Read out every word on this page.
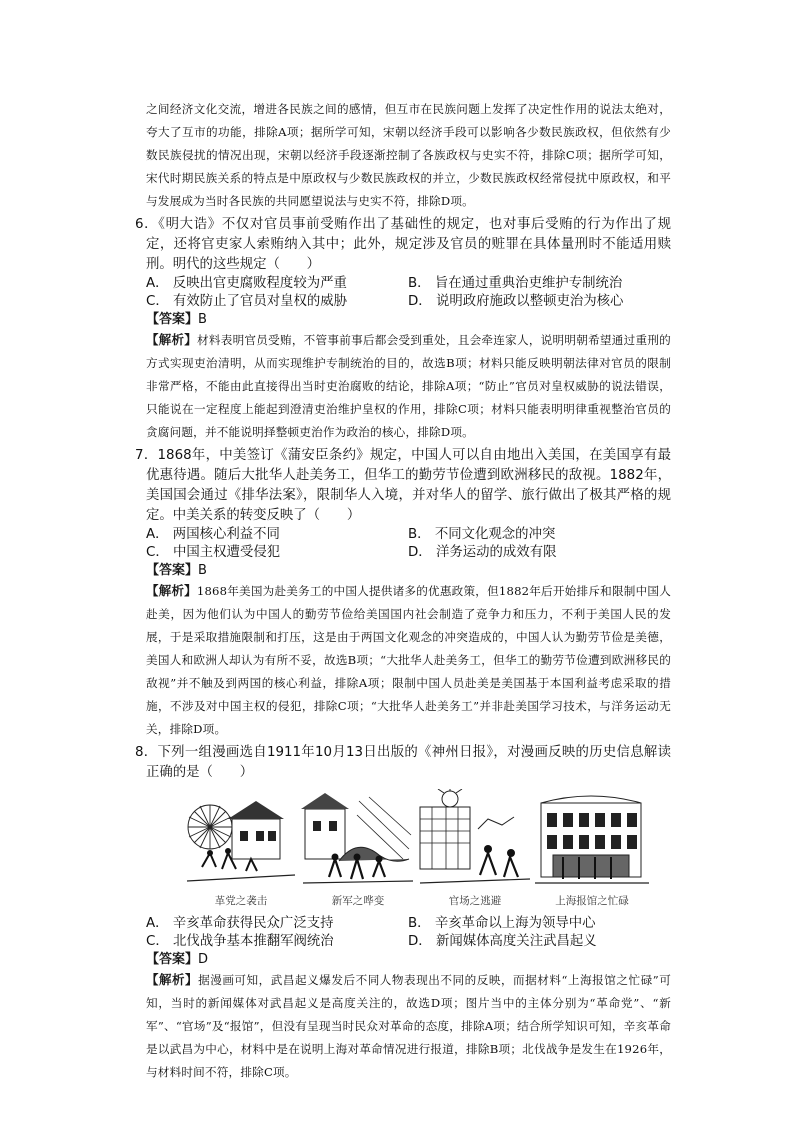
之间经济文化交流，增进各民族之间的感情，但互市在民族问题上发挥了决定性作用的说法太绝对，夸大了互市的功能，排除A项；据所学可知，宋朝以经济手段可以影响各少数民族政权，但依然有少数民族侵扰的情况出现，宋朝以经济手段逐渐控制了各族政权与史实不符，排除C项；据所学可知，宋代时期民族关系的特点是中原政权与少数民族政权的并立，少数民族政权经常侵扰中原政权，和平与发展成为当时各民族的共同愿望说法与史实不符，排除D项。
6．《明大诰》不仅对官员事前受贿作出了基础性的规定，也对事后受贿的行为作出了规定，还将官吏家人索贿纳入其中；此外，规定涉及官员的赃罪在具体量刑时不能适用赎刑。明代的这些规定（　　）
A． 反映出官吏腐败程度较为严重	B． 旨在通过重典治吏维护专制统治
C． 有效防止了官员对皇权的威胁	D． 说明政府施政以整顿吏治为核心
【答案】B
【解析】材料表明官员受贿，不管事前事后都会受到重处，且会牵连家人，说明明朝希望通过重刑的方式实现吏治清明，从而实现维护专制统治的目的，故选B项；材料只能反映明朝法律对官员的限制非常严格，不能由此直接得出当时吏治腐败的结论，排除A项；“防止”官员对皇权威胁的说法错误，只能说在一定程度上能起到澄清吏治维护皇权的作用，排除C项；材料只能表明明律重视整治官员的贪腐问题，并不能说明择整顿吏治作为政治的核心，排除D项。
7．1868年，中美签订《蒲安臣条约》规定，中国人可以自由地出入美国，在美国享有最优惠待遇。随后大批华人赴美务工，但华工的勤劳节俭遭到欧洲移民的敌视。1882年，美国国会通过《排华法案》，限制华人入境，并对华人的留学、旅行做出了极其严格的规定。中美关系的转变反映了（　　）
A． 两国核心利益不同	B． 不同文化观念的冲突
C． 中国主权遭受侵犯	D． 洋务运动的成效有限
【答案】B
【解析】1868年美国为赴美务工的中国人提供诸多的优惠政策，但1882年后开始排斥和限制中国人赴美，因为他们认为中国人的勤劳节俭给美国国内社会制造了竞争力和压力，不利于美国人民的发展，于是采取措施限制和打压，这是由于两国文化观念的冲突造成的，中国人认为勤劳节俭是美德，美国人和欧洲人却认为有所不妥，故选B项；“大批华人赴美务工，但华工的勤劳节俭遭到欧洲移民的敌视”并不触及到两国的核心利益，排除A项；限制中国人员赴美是美国基于本国利益考虑采取的措施，不涉及对中国主权的侵犯，排除C项；“大批华人赴美务工”并非赴美国学习技术，与洋务运动无关，排除D项。
8．下列一组漫画选自1911年10月13日出版的《神州日报》，对漫画反映的历史信息解读正确的是（　　）
革党之袭击	新军之哗变	官场之逃避	上海报馆之忙碌
A． 辛亥革命获得民众广泛支持	B． 辛亥革命以上海为领导中心
C． 北伐战争基本推翻军阀统治	D． 新闻媒体高度关注武昌起义
【答案】D
【解析】据漫画可知，武昌起义爆发后不同人物表现出不同的反映，而据材料“上海报馆之忙碌”可知，当时的新闻媒体对武昌起义是高度关注的，故选D项；图片当中的主体分别为“革命党”、“新军”、“官场”及“报馆”，但没有呈现当时民众对革命的态度，排除A项；结合所学知识可知，辛亥革命是以武昌为中心，材料中是在说明上海对革命情况进行报道，排除B项；北伐战争是发生在1926年，与材料时间不符，排除C项。
